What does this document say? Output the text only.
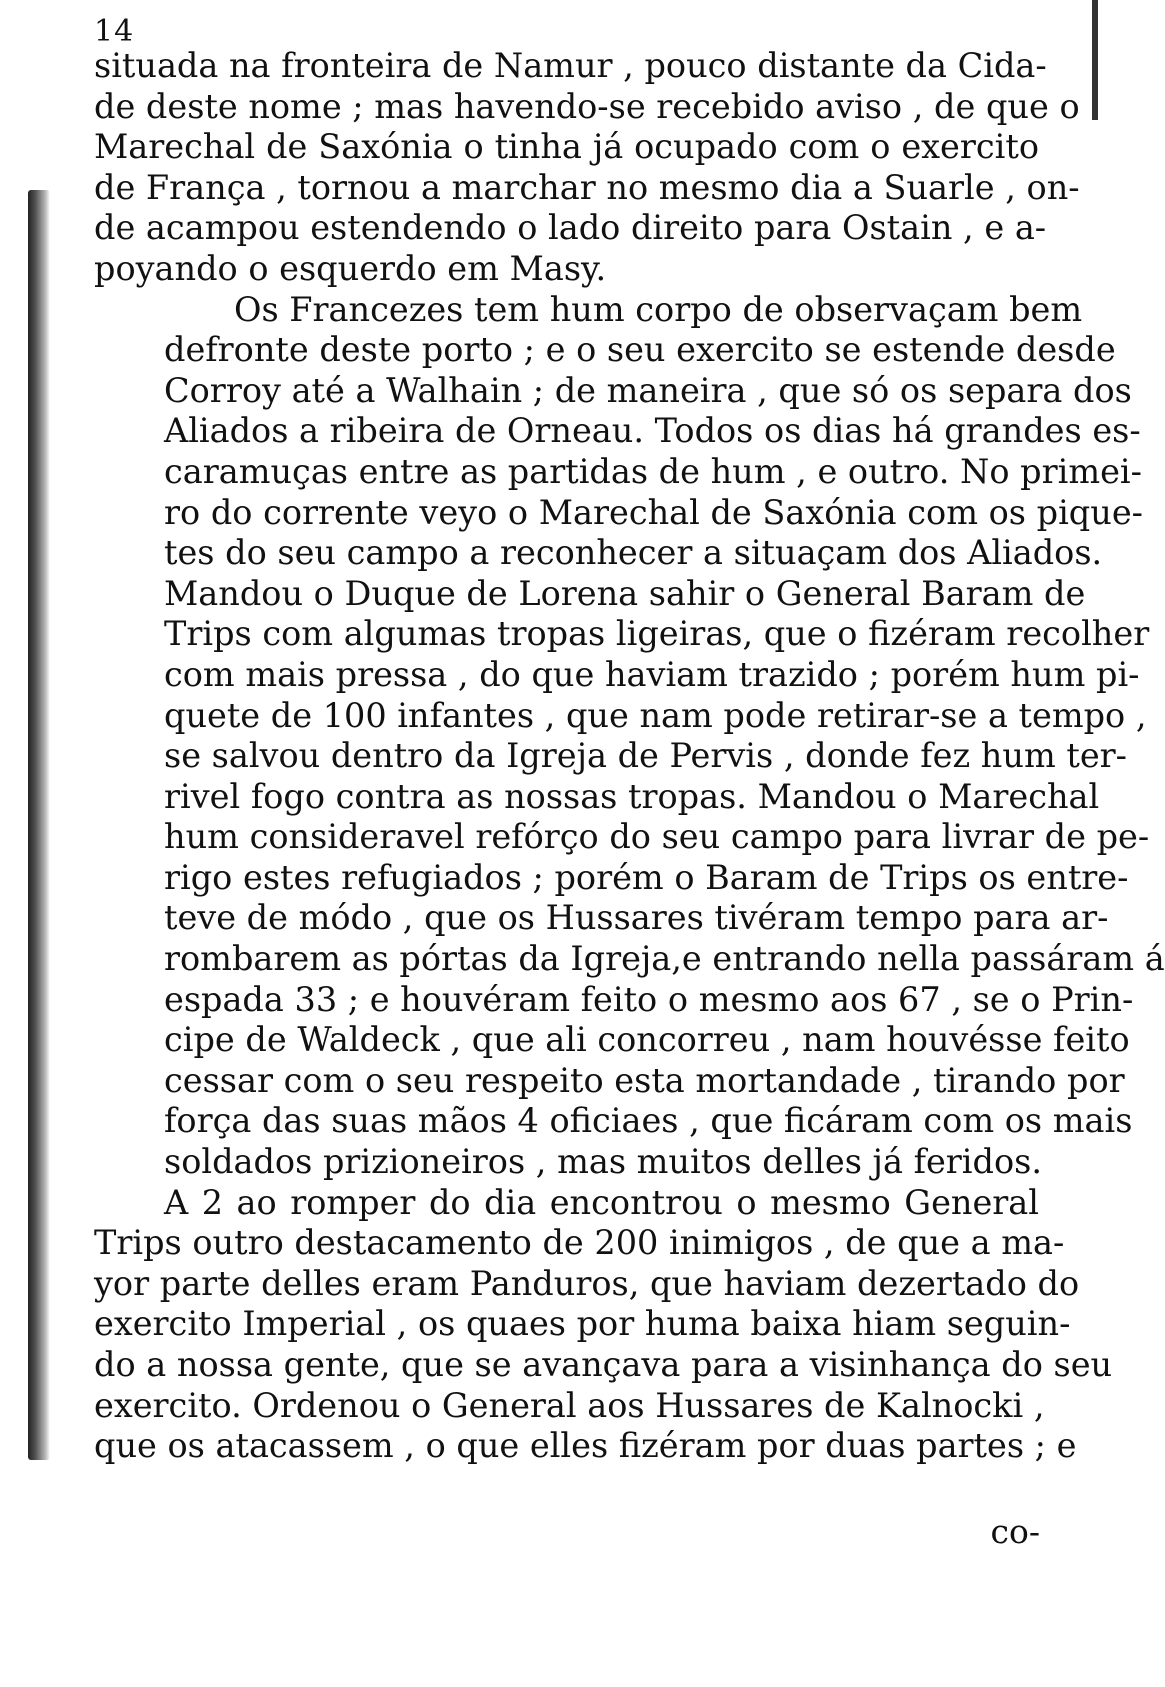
14

situada na fronteira de Namur , pouco distante da Cida-
de deste nome ; mas havendo-se recebido aviso , de que o
Marechal de Saxónia o tinha já ocupado com o exercito
de França , tornou a marchar no mesmo dia a Suarle , on-
de acampou estendendo o lado direito para Ostain , e a-
poyando o esquerdo em Masy.

Os Francezes tem hum corpo de observaçam bem
defronte deste porto ; e o seu exercito se estende desde
Corroy até a Walhain ; de maneira , que só os separa dos
Aliados a ribeira de Orneau. Todos os dias há grandes es-
caramuças entre as partidas de hum , e outro. No primei-
ro do corrente veyo o Marechal de Saxónia com os pique-
tes do seu campo a reconhecer a situaçam dos Aliados.
Mandou o Duque de Lorena sahir o General Baram de
Trips com algumas tropas ligeiras, que o fizéram recolher
com mais pressa , do que haviam trazido ; porém hum pi-
quete de 100 infantes , que nam pode retirar-se a tempo ,
se salvou dentro da Igreja de Pervis , donde fez hum ter-
rivel fogo contra as nossas tropas. Mandou o Marechal
hum consideravel refórço do seu campo para livrar de pe-
rigo estes refugiados ; porém o Baram de Trips os entre-
teve de módo , que os Hussares tivéram tempo para ar-
rombarem as pórtas da Igreja,e entrando nella passáram á
espada 33 ; e houvéram feito o mesmo aos 67 , se o Prin-
cipe de Waldeck , que ali concorreu , nam houvésse feito
cessar com o seu respeito esta mortandade , tirando por
força das suas mãos 4 oficiaes , que ficáram com os mais
soldados prizioneiros , mas muitos delles já feridos.

A 2 ao romper do dia encontrou o mesmo General
Trips outro destacamento de 200 inimigos , de que a ma-
yor parte delles eram Panduros, que haviam dezertado do
exercito Imperial , os quaes por huma baixa hiam seguin-
do a nossa gente, que se avançava para a visinhança do seu
exercito. Ordenou o General aos Hussares de Kalnocki ,
que os atacassem , o que elles fizéram por duas partes ; e

co-
